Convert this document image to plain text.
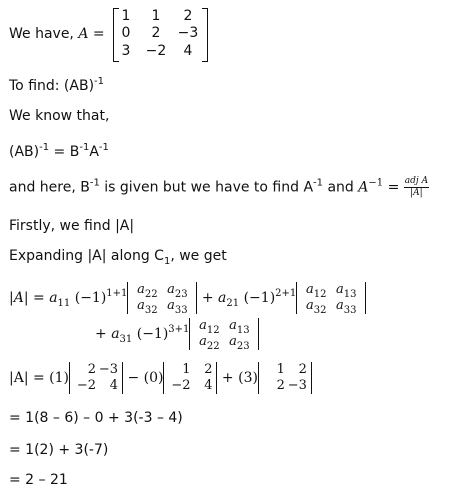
We have, A =
1	1	2
0	2	−3
3	−2	4
To find: (AB)$^{-1}$
We know that,
$(AB)^{-1} = B^{-1}A^{-1}$
and here, $B^{-1}$ is given but we have to find $A^{-1}$ and $A^{-1} = \frac{\text{adj A}}{|A|}$
Firstly, we find |A|
Expanding |A| along $C_1$, we get
$|A| = a_{11}$ $(-1)^{1+1}$ $a_{22}$ $a_{23}$
$a_{32}$ $a_{33}$
+ $a_{21}$ $(-1)^{2+1}$ $a_{12}$ $a_{13}$
$a_{32}$ $a_{33}$
+ $a_{31}$ $(-1)^{3+1}$ $a_{12}$ $a_{13}$
$a_{22}$ $a_{23}$
|A| = (1)
2 −3
−2 4 − (0)
1 2
−2 4 + (3)
1 2
2 −3
= 1(8 – 6) – 0 + 3(-3 – 4)
= 1(2) + 3(-7)
= 2 – 21
